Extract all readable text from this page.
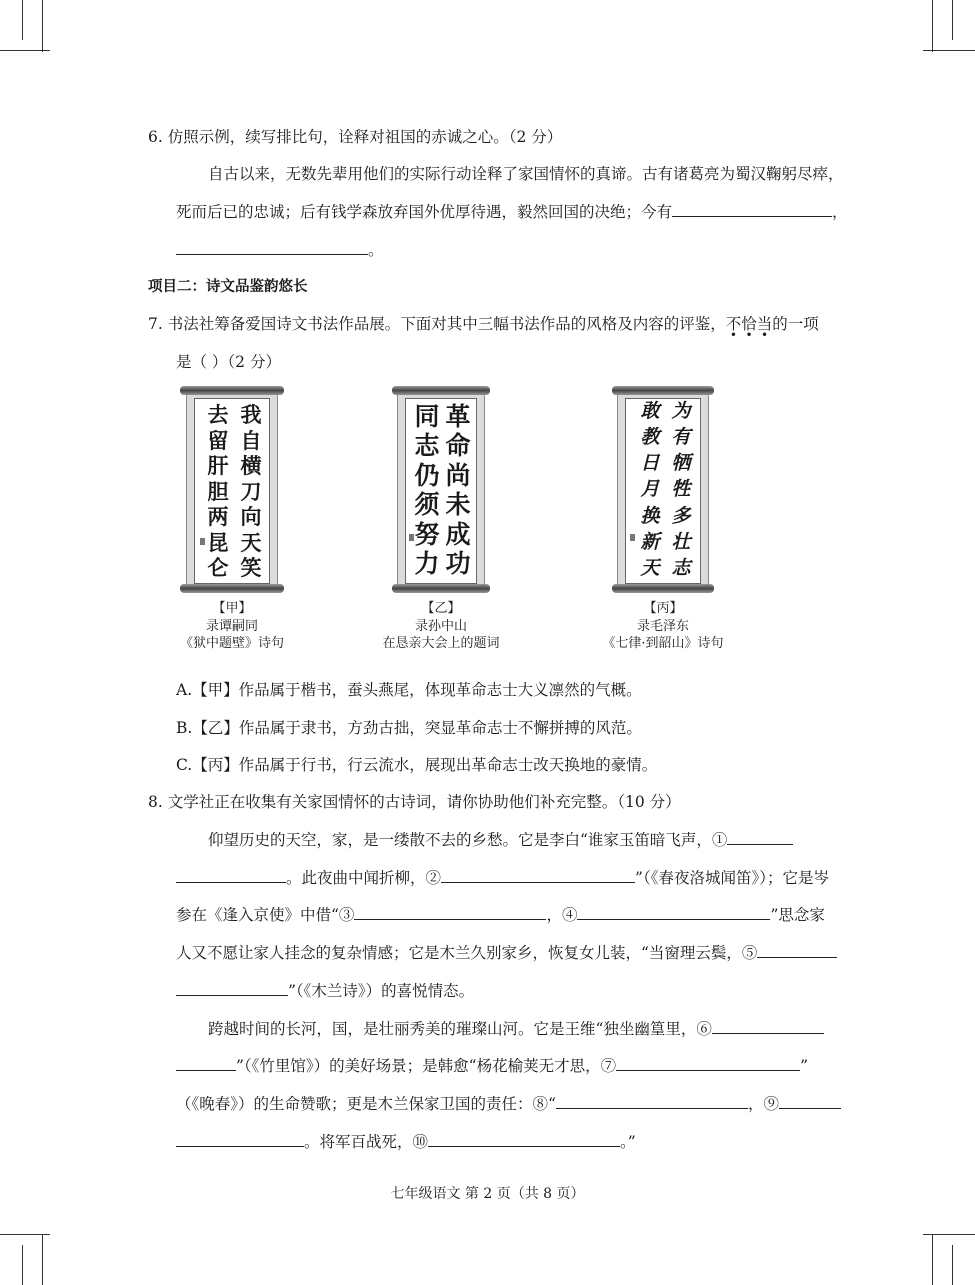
6. 仿照示例，续写排比句，诠释对祖国的赤诚之心。（2 分）
自古以来，无数先辈用他们的实际行动诠释了家国情怀的真谛。古有诸葛亮为蜀汉鞠躬尽瘁，
死而后已的忠诚；后有钱学森放弃国外优厚待遇，毅然回国的决绝；今有	，
。
项目二：诗文品鉴韵悠长
7. 书法社筹备爱国诗文书法作品展。下面对其中三幅书法作品的风格及内容的评鉴，不恰当的一项
是（ ）（2 分）
我
自
横
刀
向
天
笑
去
留
肝
胆
两
昆
仑
【甲】
录谭嗣同
《狱中题壁》诗句
革
命
尚
未
成
功
同
志
仍
须
努
力
【乙】
录孙中山
在恳亲大会上的题词
为
有
牺
牲
多
壮
志
敢
教
日
月
换
新
天
【丙】
录毛泽东
《七律·到韶山》诗句
A.【甲】作品属于楷书，蚕头燕尾，体现革命志士大义凛然的气概。
B.【乙】作品属于隶书，方劲古拙，突显革命志士不懈拼搏的风范。
C.【丙】作品属于行书，行云流水，展现出革命志士改天换地的豪情。
8. 文学社正在收集有关家国情怀的古诗词，请你协助他们补充完整。（10 分）
仰望历史的天空，家，是一缕散不去的乡愁。它是李白“谁家玉笛暗飞声，①
。此夜曲中闻折柳，②	”（《春夜洛城闻笛》）；它是岑
参在《逢入京使》中借“③	，④	”思念家
人又不愿让家人挂念的复杂情感；它是木兰久别家乡，恢复女儿装，“当窗理云鬓，⑤
”（《木兰诗》）的喜悦情态。
跨越时间的长河，国，是壮丽秀美的璀璨山河。它是王维“独坐幽篁里，⑥
”（《竹里馆》）的美好场景；是韩愈“杨花榆荚无才思，⑦	”
（《晚春》）的生命赞歌；更是木兰保家卫国的责任：⑧“	，⑨
。将军百战死，⑩	。”
七年级语文 第 2 页（共 8 页）
